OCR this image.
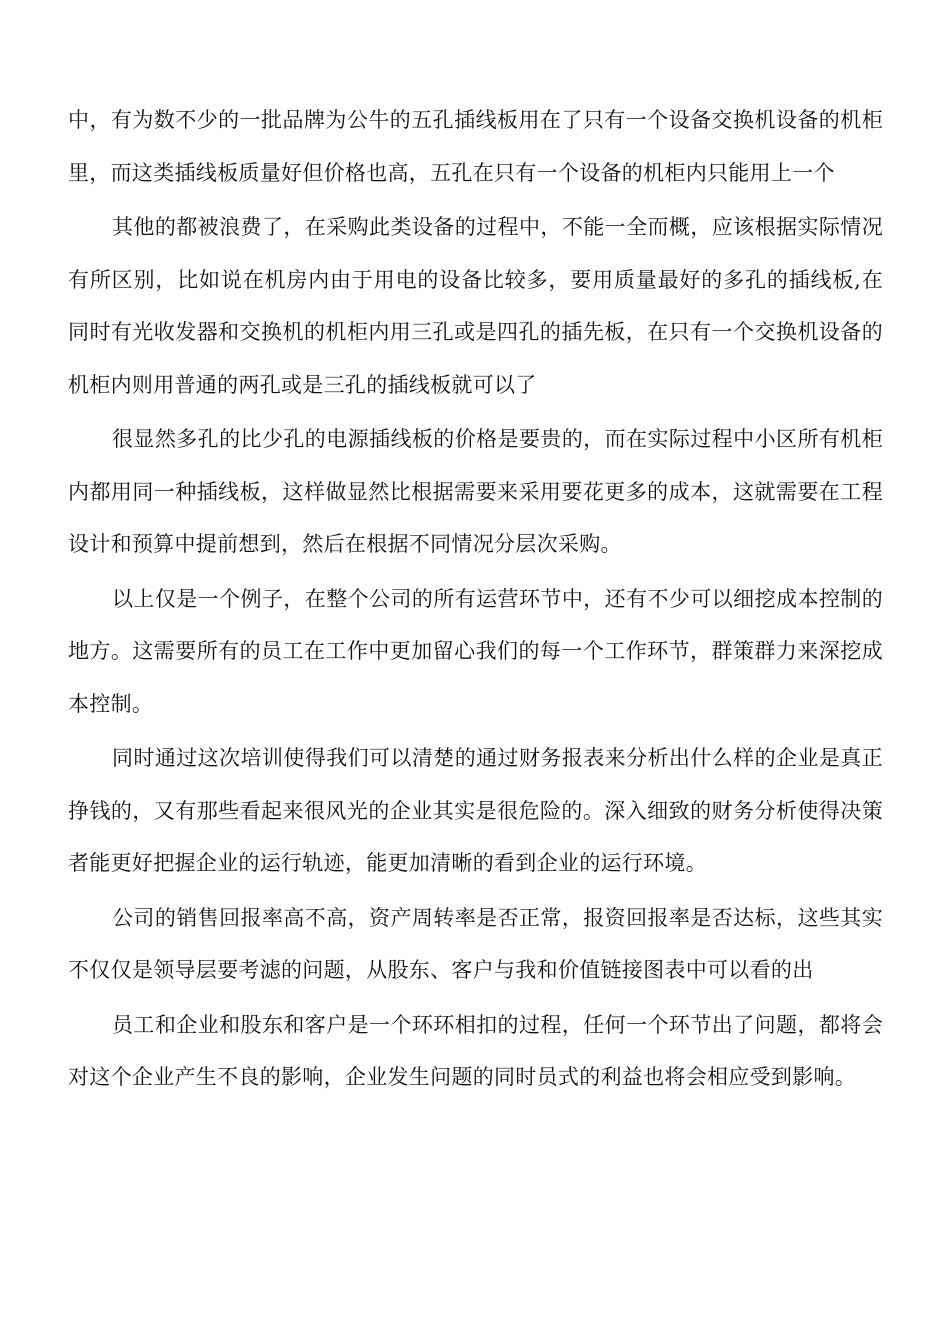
中，有为数不少的一批品牌为公牛的五孔插线板用在了只有一个设备交换机设备的机柜里，而这类插线板质量好但价格也高，五孔在只有一个设备的机柜内只能用上一个

其他的都被浪费了，在采购此类设备的过程中，不能一全而概，应该根据实际情况有所区别，比如说在机房内由于用电的设备比较多，要用质量最好的多孔的插线板,在同时有光收发器和交换机的机柜内用三孔或是四孔的插先板，在只有一个交换机设备的机柜内则用普通的两孔或是三孔的插线板就可以了

很显然多孔的比少孔的电源插线板的价格是要贵的，而在实际过程中小区所有机柜内都用同一种插线板，这样做显然比根据需要来采用要花更多的成本，这就需要在工程设计和预算中提前想到，然后在根据不同情况分层次采购。

以上仅是一个例子，在整个公司的所有运营环节中，还有不少可以细挖成本控制的地方。这需要所有的员工在工作中更加留心我们的每一个工作环节，群策群力来深挖成本控制。

同时通过这次培训使得我们可以清楚的通过财务报表来分析出什么样的企业是真正挣钱的，又有那些看起来很风光的企业其实是很危险的。深入细致的财务分析使得决策者能更好把握企业的运行轨迹，能更加清晰的看到企业的运行环境。

公司的销售回报率高不高，资产周转率是否正常，报资回报率是否达标，这些其实不仅仅是领导层要考滤的问题，从股东、客户与我和价值链接图表中可以看的出

员工和企业和股东和客户是一个环环相扣的过程，任何一个环节出了问题，都将会对这个企业产生不良的影响，企业发生问题的同时员式的利益也将会相应受到影响。
